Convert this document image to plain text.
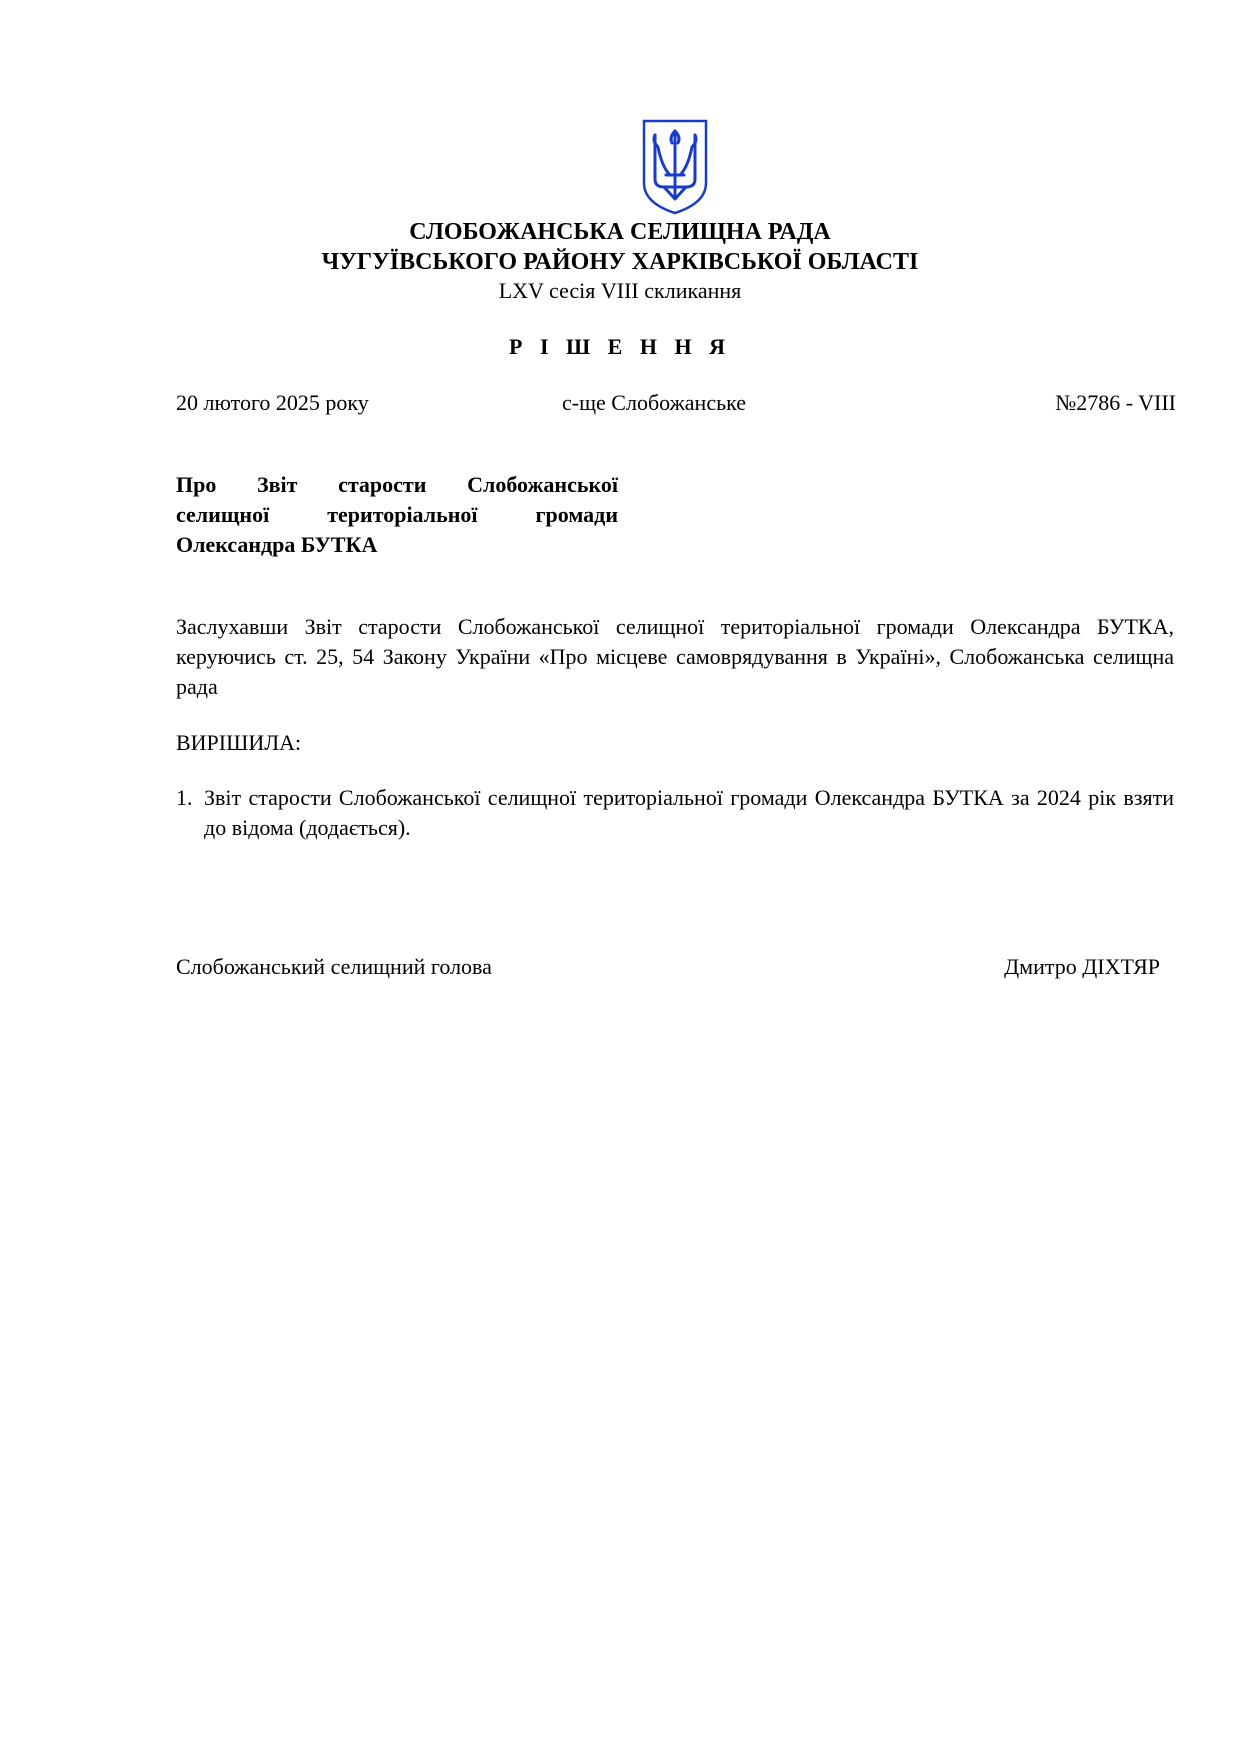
СЛОБОЖАНСЬКА СЕЛИЩНА РАДА
ЧУГУЇВСЬКОГО РАЙОНУ ХАРКІВСЬКОЇ ОБЛАСТІ
LXV сесія VIII скликання
Р І Ш Е Н Н Я
20 лютого 2025 року	с-ще Слобожанське	№2786 - VIII
Про Звіт старости Слобожанської
селищної територіальної громади
Олександра БУТКА
Заслухавши Звіт старости Слобожанської селищної територіальної громади Олександра БУТКА, керуючись ст. 25, 54 Закону України «Про місцеве самоврядування в Україні», Слобожанська селищна рада
ВИРІШИЛА:
1. Звіт старости Слобожанської селищної територіальної громади Олександра БУТКА за 2024 рік взяти до відома (додається).
Слобожанський селищний голова	Дмитро ДІХТЯР
